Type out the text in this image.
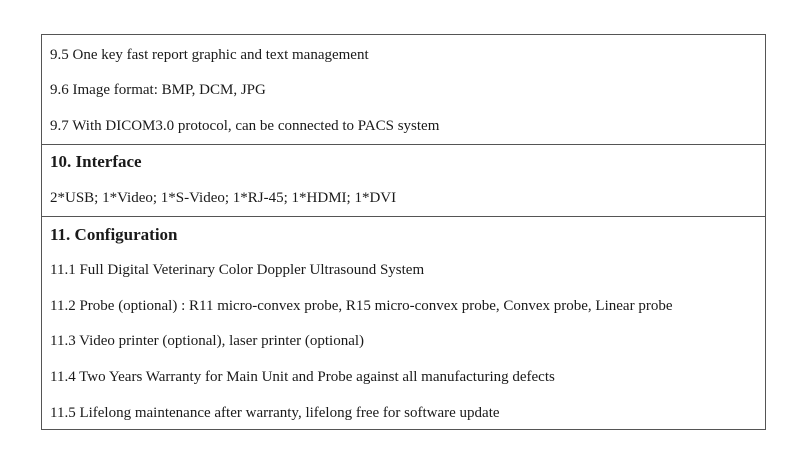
9.5 One key fast report graphic and text management
9.6 Image format: BMP, DCM, JPG
9.7 With DICOM3.0 protocol, can be connected to PACS system
10. Interface
2*USB; 1*Video; 1*S-Video; 1*RJ-45; 1*HDMI; 1*DVI
11. Configuration
11.1 Full Digital Veterinary Color Doppler Ultrasound System
11.2 Probe (optional) : R11 micro-convex probe, R15 micro-convex probe, Convex probe, Linear probe
11.3 Video printer (optional), laser printer (optional)
11.4 Two Years Warranty for Main Unit and Probe against all manufacturing defects
11.5 Lifelong maintenance after warranty, lifelong free for software update
